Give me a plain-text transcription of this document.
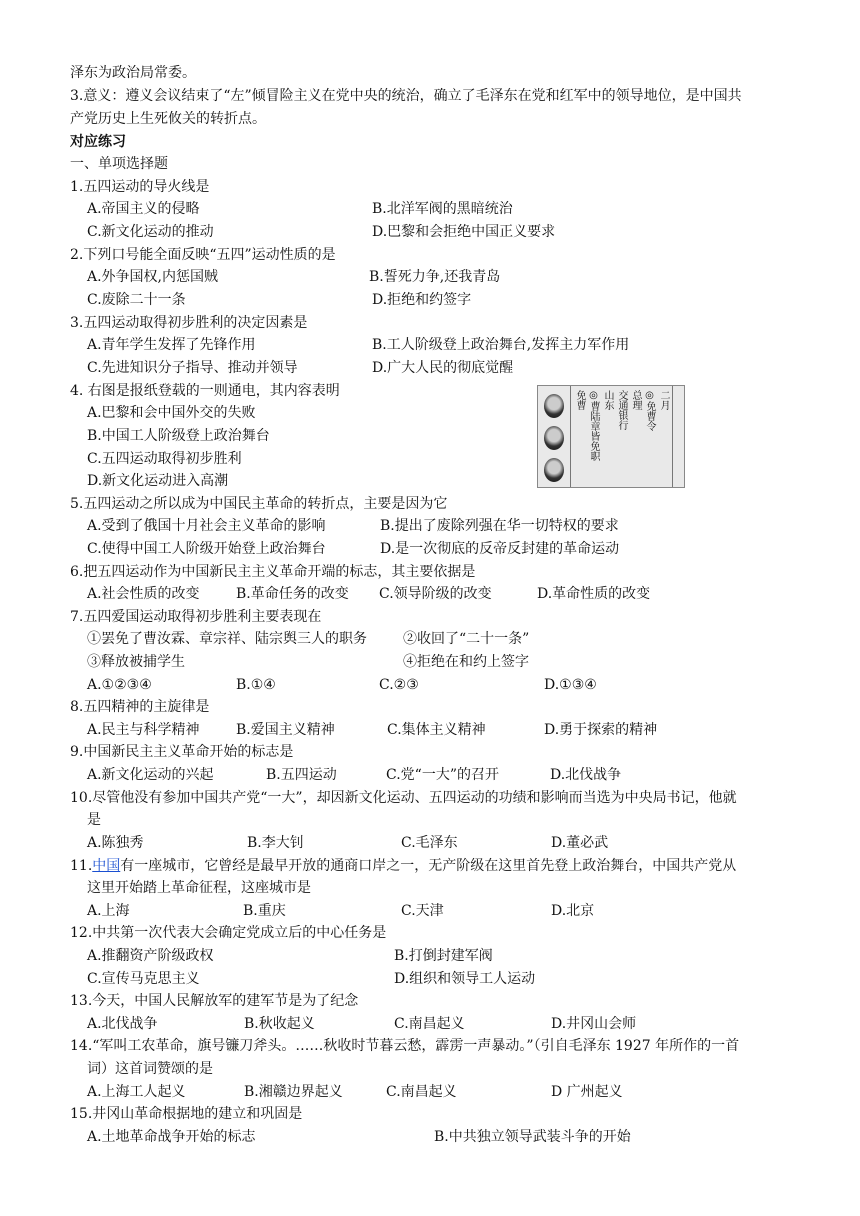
泽东为政治局常委。
3.意义：遵义会议结束了“左”倾冒险主义在党中央的统治，确立了毛泽东在党和红军中的领导地位，是中国共
产党历史上生死攸关的转折点。
对应练习
一、单项选择题
1.五四运动的导火线是
A.帝国主义的侵略	B.北洋军阀的黑暗统治
C.新文化运动的推动	D.巴黎和会拒绝中国正义要求
2.下列口号能全面反映“五四”运动性质的是
A.外争国权,内惩国贼	B.誓死力争,还我青岛
C.废除二十一条	D.拒绝和约签字
3.五四运动取得初步胜利的决定因素是
A.青年学生发挥了先锋作用	B.工人阶级登上政治舞台,发挥主力军作用
C.先进知识分子指导、推动并领导	D.广大人民的彻底觉醒
4. 右图是报纸登载的一则通电，其内容表明
A.巴黎和会中国外交的失败
B.中国工人阶级登上政治舞台
C.五四运动取得初步胜利
D.新文化运动进入高潮
免曹 ◎曹陆章皆免职 山东 交通银行 总理 ◎免曹令 二月
5.五四运动之所以成为中国民主革命的转折点，主要是因为它
A.受到了俄国十月社会主义革命的影响	B.提出了废除列强在华一切特权的要求
C.使得中国工人阶级开始登上政治舞台	D.是一次彻底的反帝反封建的革命运动
6.把五四运动作为中国新民主主义革命开端的标志，其主要依据是
A.社会性质的改变	B.革命任务的改变 C.领导阶级的改变	D.革命性质的改变
7.五四爱国运动取得初步胜利主要表现在
①罢免了曹汝霖、章宗祥、陆宗舆三人的职务	②收回了“二十一条”
③释放被捕学生	④拒绝在和约上签字
A.①②③④	B.①④	C.②③	D.①③④
8.五四精神的主旋律是
A.民主与科学精神	B.爱国主义精神	C.集体主义精神	D.勇于探索的精神
9.中国新民主主义革命开始的标志是
A.新文化运动的兴起	B.五四运动	C.党“一大”的召开	D.北伐战争
10.尽管他没有参加中国共产党“一大”，却因新文化运动、五四运动的功绩和影响而当选为中央局书记，他就
是
A.陈独秀	B.李大钊	C.毛泽东	D.董必武
11.中国有一座城市，它曾经是最早开放的通商口岸之一，无产阶级在这里首先登上政治舞台，中国共产党从
这里开始踏上革命征程，这座城市是
A.上海	B.重庆	C.天津	D.北京
12.中共第一次代表大会确定党成立后的中心任务是
A.推翻资产阶级政权	B.打倒封建军阀
C.宣传马克思主义	D.组织和领导工人运动
13.今天，中国人民解放军的建军节是为了纪念
A.北伐战争	B.秋收起义	C.南昌起义	D.井冈山会师
14.“军叫工农革命，旗号镰刀斧头。……秋收时节暮云愁，霹雳一声暴动。”（引自毛泽东 1927 年所作的一首
词）这首词赞颂的是
A.上海工人起义	B.湘赣边界起义	C.南昌起义	D 广州起义
15.井冈山革命根据地的建立和巩固是
A.土地革命战争开始的标志	B.中共独立领导武装斗争的开始
